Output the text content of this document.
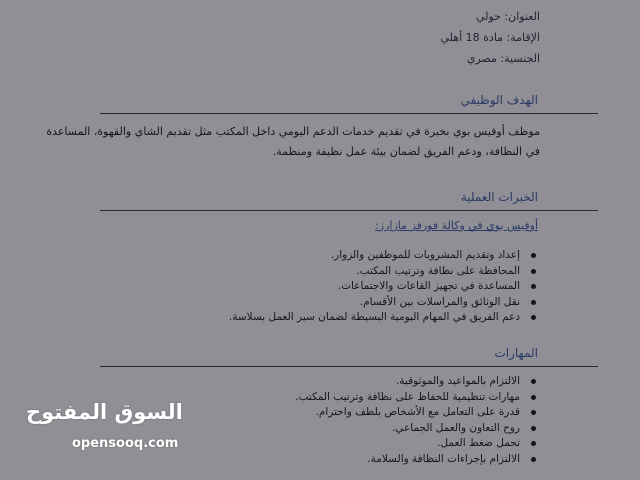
العنوان: حولي
الإقامة: مادة 18 أهلي
الجنسية: مصري
الهدف الوظيفي
موظف أوفيس بوي بخبرة في تقديم خدمات الدعم اليومي داخل المكتب مثل تقديم الشاي والقهوة، المساعدة في النظافة، ودعم الفريق لضمان بيئة عمل نظيفة ومنظمة.
الخبرات العملية
أوفيس بوي في وكالة فورفز مازارز:
إعداد وتقديم المشروبات للموظفين والزوار.
المحافظة على نظافة وترتيب المكتب.
المساعدة في تجهيز القاعات والاجتماعات.
نقل الوثائق والمراسلات بين الأقسام.
دعم الفريق في المهام اليومية البسيطة لضمان سير العمل بسلاسة.
المهارات
الالتزام بالمواعيد والموثوقية.
مهارات تنظيمية للحفاظ على نظافة وترتيب المكتب.
قدرة على التعامل مع الأشخاص بلطف واحترام.
روح التعاون والعمل الجماعي.
تحمل ضغط العمل.
الالتزام بإجراءات النظافة والسلامة.
السوق المفتوح
opensooq.com
